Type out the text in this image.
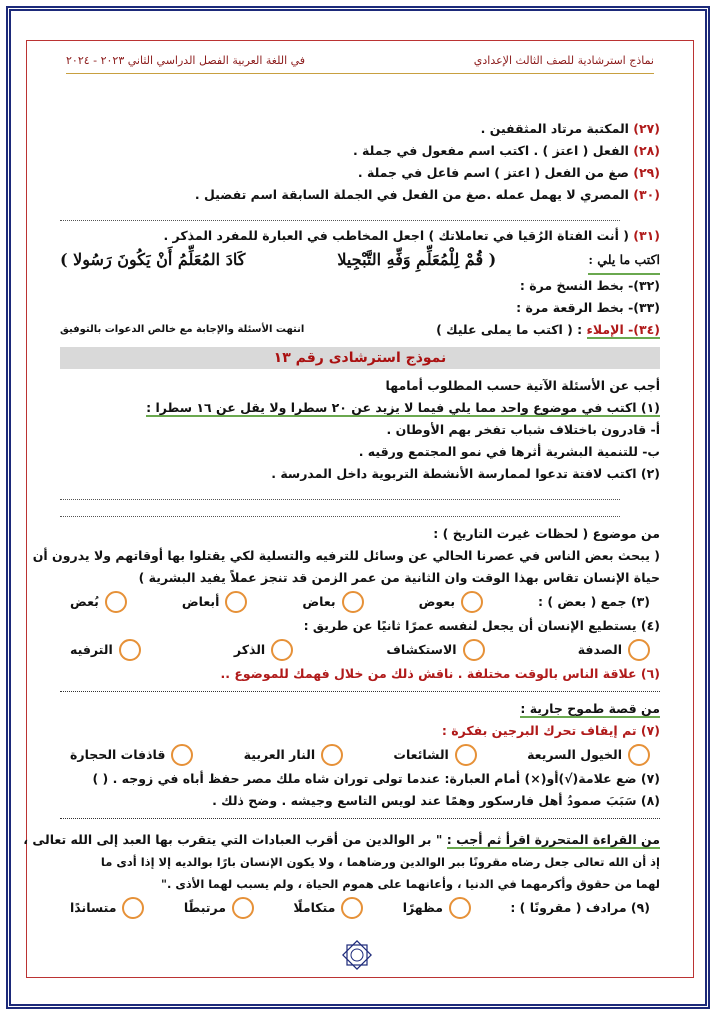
نماذج استرشادية للصف الثالث الإعدادي
في اللغة العربية الفصل الدراسي الثاني ٢٠٢٣ - ٢٠٢٤
(٢٧) المكتبة مرتاد المثقفين .
(٢٨) الفعل ( اعتز ) . اكتب اسم مفعول في جملة .
(٢٩) صغ من الفعل ( اعتز ) اسم فاعل في جملة .
(٣٠) المصري لا يهمل عمله .صغ من الفعل في الجملة السابقة اسم تفضيل .
(٣١) ( أنت الفتاة الرُقيا في تعاملاتك ) اجعل المخاطب في العبارة للمفرد المذكر .
اكتب ما يلي :
( قُمْ لِلْمُعَلِّمِ وَفِّهِ التَّبْجِيلا
كَادَ المُعَلِّمُ أَنْ يَكُونَ رَسُولا )
(٣٢)- بخط النسخ مرة :
(٣٣)- بخط الرقعة مرة :
(٣٤)- الإملاء : ( اكتب ما يملى عليك )
انتهت الأسئلة والإجابة مع خالص الدعوات بالتوفيق
نموذج استرشادى رقم ١٣
أجب عن الأسئلة الآتية حسب المطلوب أمامها
(١) اكتب في موضوع واحد مما يلي فيما لا يزيد عن ٢٠ سطرا ولا يقل عن ١٦ سطرا :
أ- قادرون باختلاف شباب تفخر بهم الأوطان .
ب- للتنمية البشرية أثرها في نمو المجتمع ورقيه .
(٢) اكتب لافتة تدعوا لممارسة الأنشطة التربوية داخل المدرسة .
من موضوع ( لحظات غيرت التاريخ ) :
( يبحث بعض الناس في عصرنا الحالي عن وسائل للترفيه والتسلية لكي يقتلوا بها أوقاتهم ولا يدرون أن
حياة الإنسان تقاس بهذا الوقت وان الثانية من عمر الزمن قد تنجز عملاً يفيد البشرية )
(٣) جمع ( بعض ) :
بعوض
بعاض
أبعاض
بُعض
(٤) يستطيع الإنسان أن يجعل لنفسه عمرًا ثانيًا عن طريق :
الصدفة
الاستكشاف
الذكر
الترفيه
(٦) علاقة الناس بالوقت مختلفة . ناقش ذلك من خلال فهمك للموضوع ..
من قصة طموح جارية :
(٧) تم إيقاف تحرك البرجين بفكرة :
الخيول السريعة
الشائعات
النار العربية
قاذفات الحجارة
(٧) ضع علامة(√)أو(×) أمام العبارة: عندما تولى توران شاه ملك مصر حفظ أباه في زوجه . ( )
(٨) سَبَبَ صمودُ أهل فارسكور وهمًا عند لويس التاسع وجيشه . وضح ذلك .
من القراءة المتحررة اقرأ ثم أجب : " بر الوالدين من أقرب العبادات التي يتقرب بها العبد إلى الله تعالى ،
إذ أن الله تعالى جعل رضاه مقرونًا ببر الوالدين ورضاهما ، ولا يكون الإنسان بارًا بوالديه إلا إذا أدى ما
لهما من حقوق وأكرمهما في الدنيا ، وأعانهما على هموم الحياة ، ولم يسبب لهما الأذى ."
(٩) مرادف ( مقرونًا ) :
مظهرًا
متكاملًا
مرتبطًا
متساندًا
